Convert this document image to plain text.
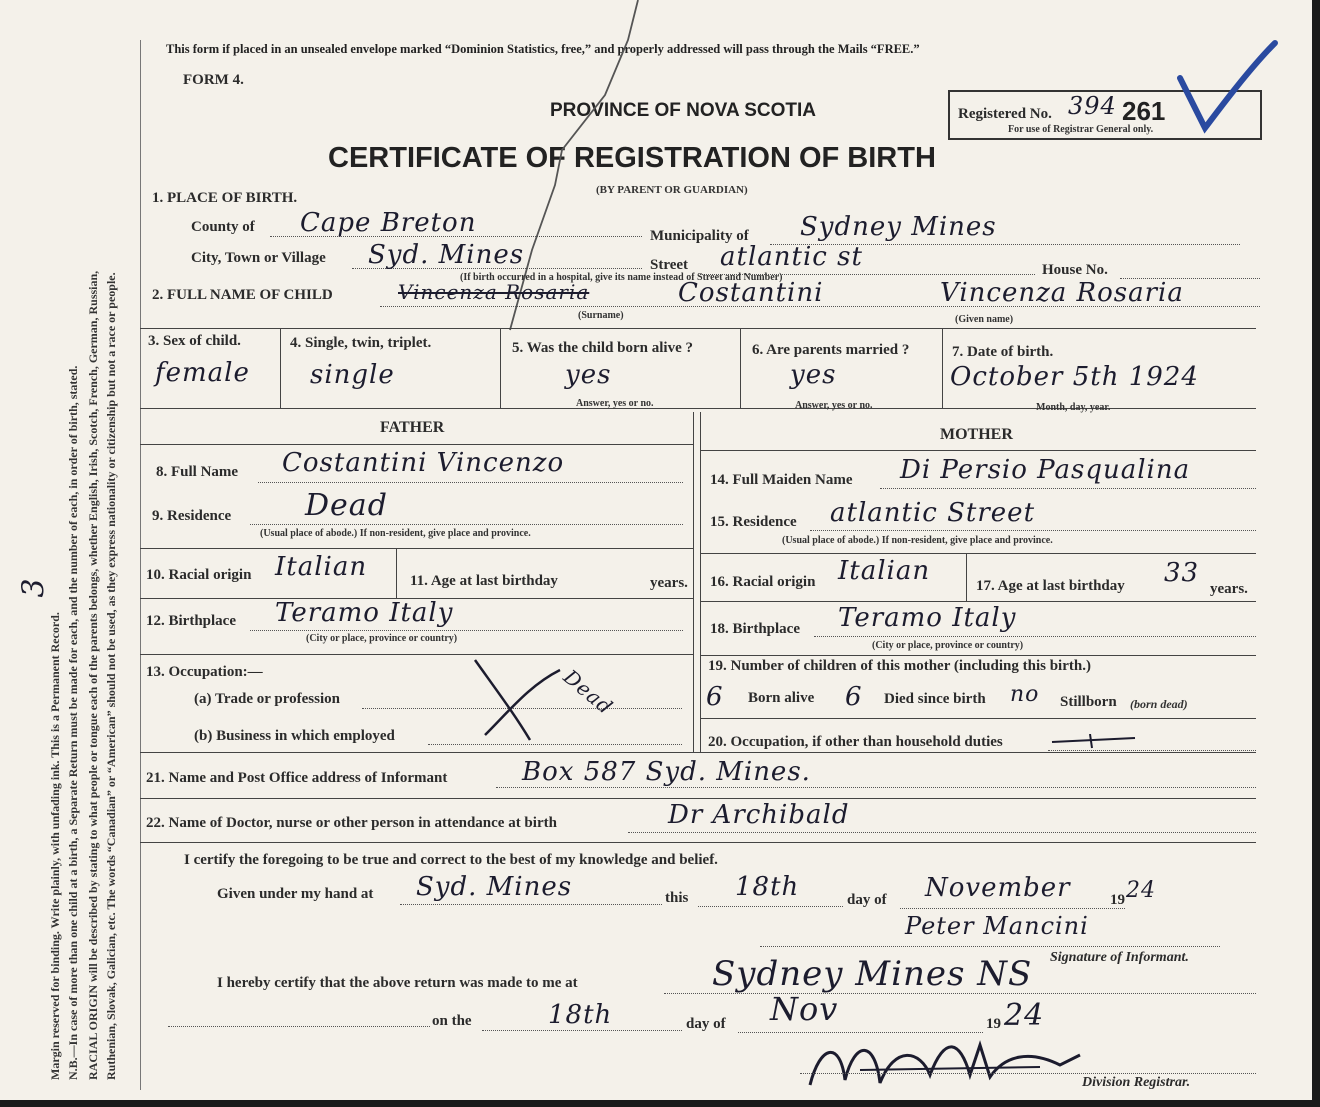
Margin reserved for binding. Write plainly, with unfading ink. This is a Permanent Record. N.B.—In case of more than one child at a birth, a Separate Return must be made for each, and the number of each, in order of birth, stated. RACIAL ORIGIN will be described by stating to what people or tongue each of the parents belongs, whether English, Irish, Scotch, French, German, Russian, Ruthenian, Slovak, Galician, etc. The words “Canadian” or “American” should not be used, as they express nationality or citizenship but not a race or people.
3
This form if placed in an unsealed envelope marked “Dominion Statistics, free,” and properly addressed will pass through the Mails “FREE.”
FORM 4.
PROVINCE OF NOVA SCOTIA
CERTIFICATE OF REGISTRATION OF BIRTH
(BY PARENT OR GUARDIAN)
Registered No. 394 261
For use of Registrar General only.
1. PLACE OF BIRTH.
County of Cape Breton	Municipality of Sydney Mines
City, Town or Village Syd. Mines	Street atlantic st	House No.
(If birth occurred in a hospital, give its name instead of Street and Number)
2. FULL NAME OF CHILD	Vincenza Rosaria	Costantini
(Surname)
Vincenza Rosaria
(Given name)
3. Sex of child.
female
4. Single, twin, triplet.
single
5. Was the child born alive ?
yes
Answer, yes or no.
6. Are parents married ?
yes
Answer, yes or no.
7. Date of birth.
October 5th 1924
Month, day, year.
FATHER	MOTHER
8. Full Name Costantini Vincenzo
9. Residence Dead
(Usual place of abode.) If non-resident, give place and province.
10. Racial origin Italian	11. Age at last birthday	years.
12. Birthplace Teramo Italy
(City or place, province or country)
13. Occupation:—
(a) Trade or profession
(b) Business in which employed
Dead
14. Full Maiden Name Di Persio Pasqualina
15. Residence atlantic Street
(Usual place of abode.) If non-resident, give place and province.
16. Racial origin Italian	17. Age at last birthday 33
years.
18. Birthplace Teramo Italy
(City or place, province or country)
19. Number of children of this mother (including this birth.)
6 Born alive 6 Died since birth no Stillborn (born dead)
20. Occupation, if other than household duties
21. Name and Post Office address of Informant	Box 587 Syd. Mines.
22. Name of Doctor, nurse or other person in attendance at birth	Dr Archibald
I certify the foregoing to be true and correct to the best of my knowledge and belief.
Given under my hand at Syd. Mines	this 18th	day of November	19 24
Peter Mancini
Signature of Informant.
I hereby certify that the above return was made to me at	Sydney Mines NS
on the	18th	day of Nov	19 24
Division Registrar.
